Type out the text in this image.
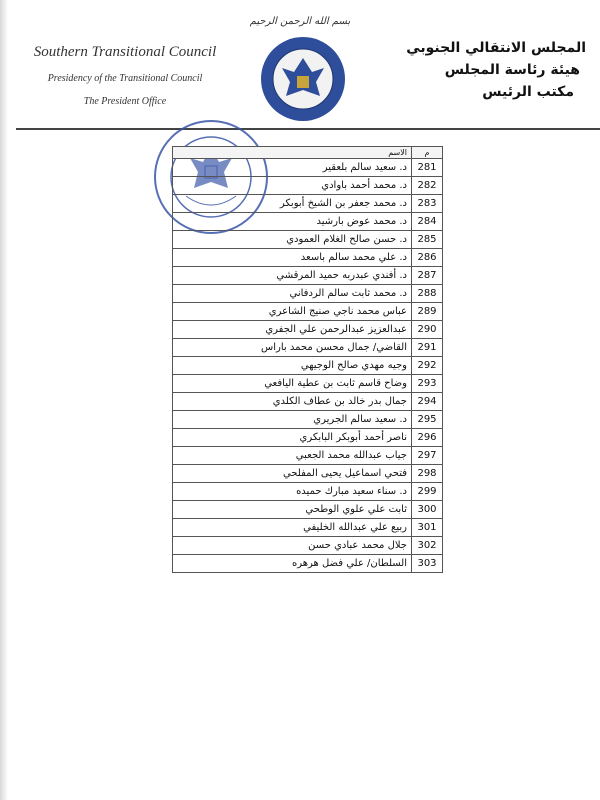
بسم الله الرحمن الرحيم
Southern Transitional Council
Presidency of the Transitional Council
The President Office
المجلس الانتقالي الجنوبي
هيئة رئاسة المجلس
مكتب الرئيس
الاسم	م
د. سعيد سالم بلعقير	281
د. محمد أحمد باوادي	282
د. محمد جعفر بن الشيخ أبوبكر	283
د. محمد عوض بارشيد	284
د. حسن صالح الغلام العمودي	285
د. علي محمد سالم باسعد	286
د. أفندي عبدربه حميد المرقشي	287
د. محمد ثابت سالم الردفاني	288
عباس محمد ناجي صنيج الشاعري	289
عبدالعزيز عبدالرحمن علي الجفري	290
القاضي/ جمال محسن محمد باراس	291
وجيه مهدي صالح الوجيهي	292
وضاح قاسم ثابت بن عطية اليافعي	293
جمال بدر خالد بن عطاف الكلدي	294
د. سعيد سالم الجريري	295
ناصر أحمد أبوبكر البابكري	296
جياب عبدالله محمد الجعبي	297
فتحي اسماعيل يحيى المفلحي	298
د. سناء سعيد مبارك حميده	299
ثابت علي علوي الوطحي	300
ربيع علي عبدالله الخليفي	301
جلال محمد عبادي حسن	302
السلطان/ علي فضل هرهره	303
